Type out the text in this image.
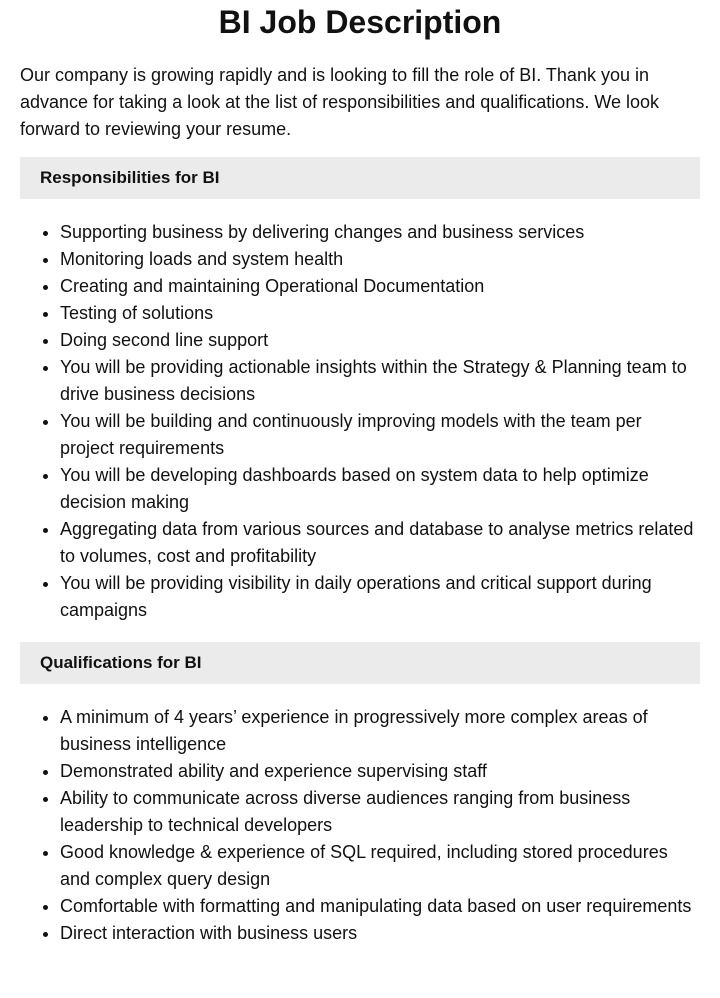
BI Job Description

Our company is growing rapidly and is looking to fill the role of BI. Thank you in advance for taking a look at the list of responsibilities and qualifications. We look forward to reviewing your resume.

Responsibilities for BI
• Supporting business by delivering changes and business services
• Monitoring loads and system health
• Creating and maintaining Operational Documentation
• Testing of solutions
• Doing second line support
• You will be providing actionable insights within the Strategy & Planning team to drive business decisions
• You will be building and continuously improving models with the team per project requirements
• You will be developing dashboards based on system data to help optimize decision making
• Aggregating data from various sources and database to analyse metrics related to volumes, cost and profitability
• You will be providing visibility in daily operations and critical support during campaigns
Qualifications for BI
• A minimum of 4 years’ experience in progressively more complex areas of business intelligence
• Demonstrated ability and experience supervising staff
• Ability to communicate across diverse audiences ranging from business leadership to technical developers
• Good knowledge & experience of SQL required, including stored procedures and complex query design
• Comfortable with formatting and manipulating data based on user requirements
• Direct interaction with business users
